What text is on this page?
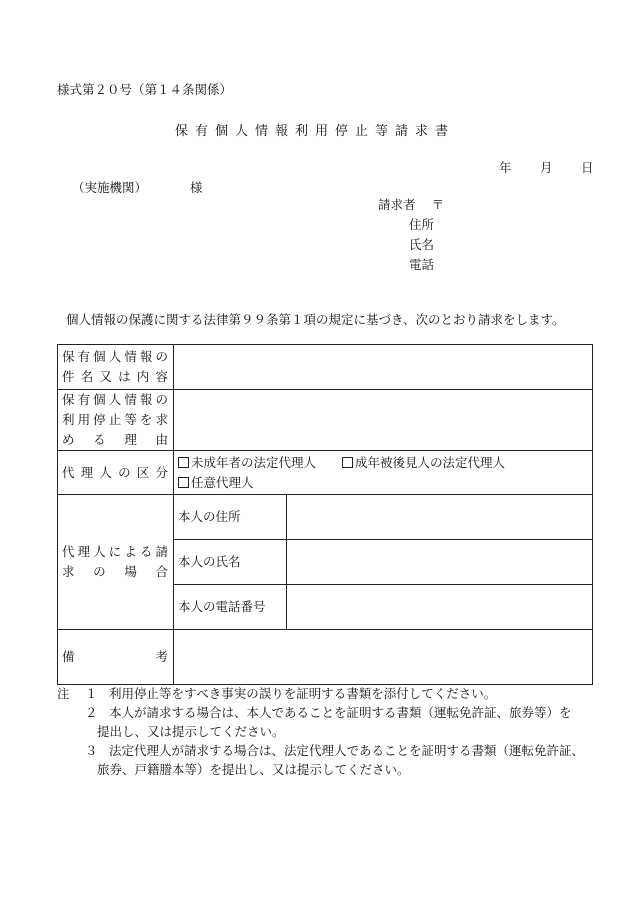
様式第２０号（第１４条関係）
保有個人情報利用停止等請求書
年 月 日
（実施機関）	様
請求者 〒
住所
氏名
電話
個人情報の保護に関する法律第９９条第１項の規定に基づき、次のとおり請求をします。
保有個人情報の
件名又は内容		

保有個人情報の
利用停止等を求
める理由		

代理人の区分	未成年者の法定代理人 成年被後見人の法定代理人
任意代理人	

代理人による請
求の場合	本人の住所	
	本人の氏名	
	本人の電話番号	

備考		

注 １ 利用停止等をすべき事実の誤りを証明する書類を添付してください。
２ 本人が請求する場合は、本人であることを証明する書類（運転免許証、旅券等）を
提出し、又は提示してください。
３ 法定代理人が請求する場合は、法定代理人であることを証明する書類（運転免許証、
旅券、戸籍謄本等）を提出し、又は提示してください。
